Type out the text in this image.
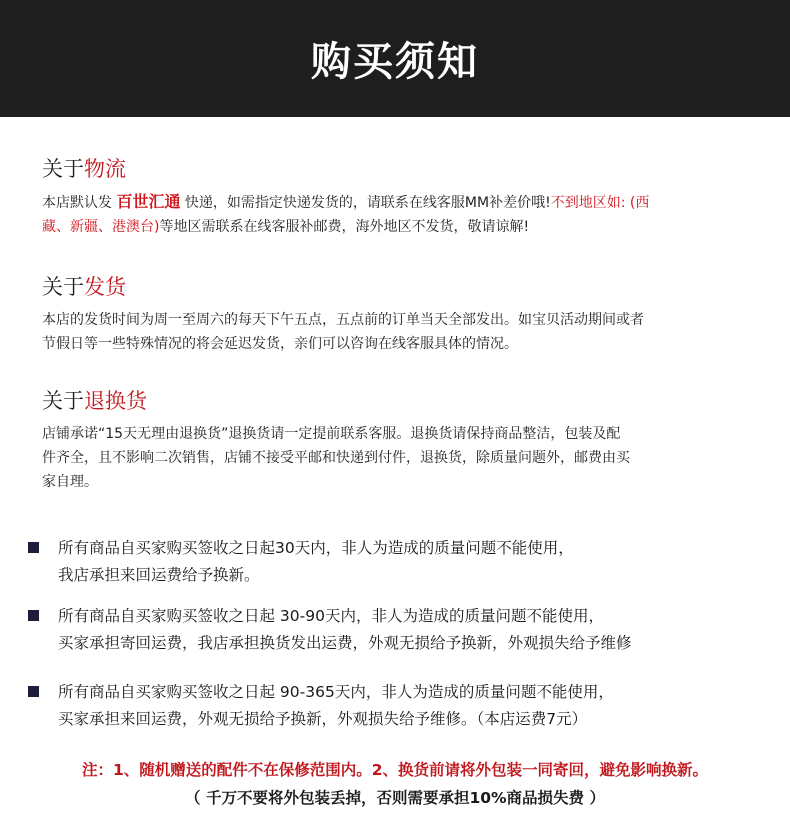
购买须知
关于物流
本店默认发 百世汇通 快递，如需指定快递发货的，请联系在线客服MM补差价哦!不到地区如: (西
藏、新疆、港澳台)等地区需联系在线客服补邮费，海外地区不发货，敬请谅解!
关于发货
本店的发货时间为周一至周六的每天下午五点，五点前的订单当天全部发出。如宝贝活动期间或者
节假日等一些特殊情况的将会延迟发货，亲们可以咨询在线客服具体的情况。
关于退换货
店铺承诺“15天无理由退换货”退换货请一定提前联系客服。退换货请保持商品整洁，包装及配
件齐全，且不影响二次销售，店铺不接受平邮和快递到付件，退换货，除质量问题外，邮费由买
家自理。
所有商品自买家购买签收之日起30天内，非人为造成的质量问题不能使用，
我店承担来回运费给予换新。
所有商品自买家购买签收之日起 30-90天内，非人为造成的质量问题不能使用，
买家承担寄回运费，我店承担换货发出运费，外观无损给予换新，外观损失给予维修
所有商品自买家购买签收之日起 90-365天内，非人为造成的质量问题不能使用，
买家承担来回运费，外观无损给予换新，外观损失给予维修。（本店运费7元）
注：1、随机赠送的配件不在保修范围内。2、换货前请将外包装一同寄回，避免影响换新。
（ 千万不要将外包装丢掉，否则需要承担10%商品损失费 ）
